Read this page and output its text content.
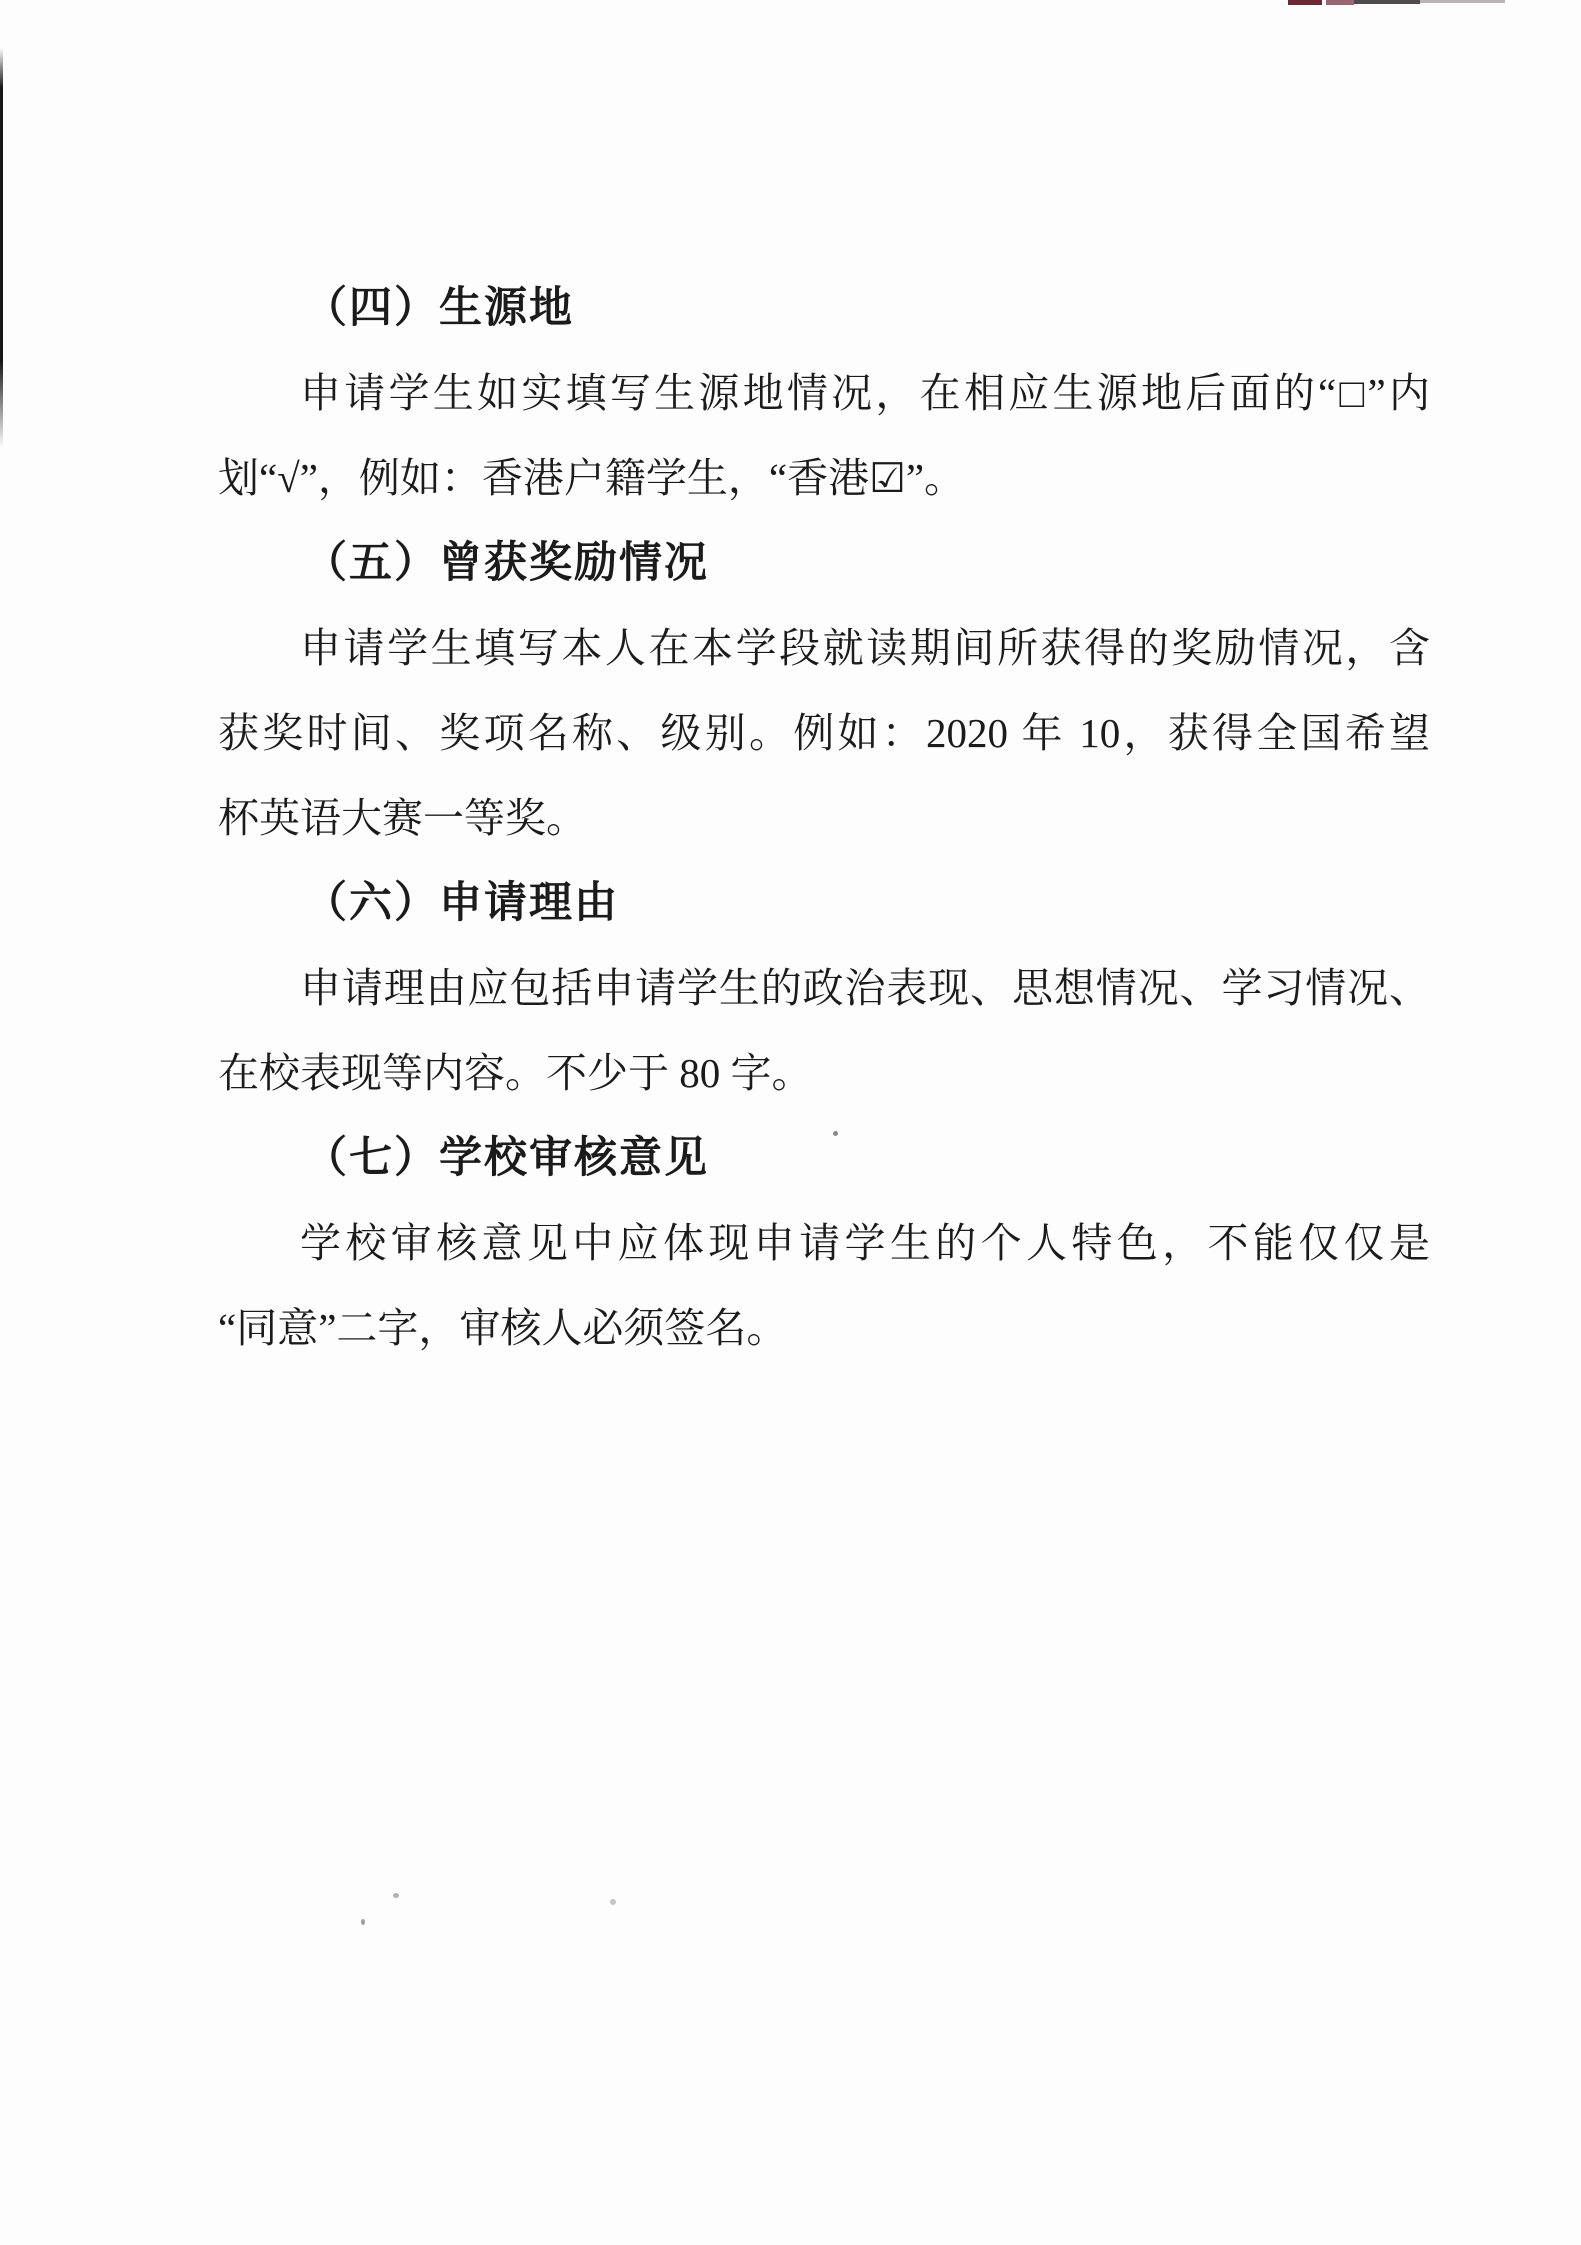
（四）生源地
申请学生如实填写生源地情况，在相应生源地后面的“□”内
划“√”，例如：香港户籍学生，“香港☑”。
（五）曾获奖励情况
申请学生填写本人在本学段就读期间所获得的奖励情况，含
获奖时间、奖项名称、级别。例如：2020 年 10，获得全国希望
杯英语大赛一等奖。
（六）申请理由
申请理由应包括申请学生的政治表现、思想情况、学习情况、
在校表现等内容。不少于 80 字。
（七）学校审核意见
学校审核意见中应体现申请学生的个人特色，不能仅仅是
“同意”二字，审核人必须签名。
